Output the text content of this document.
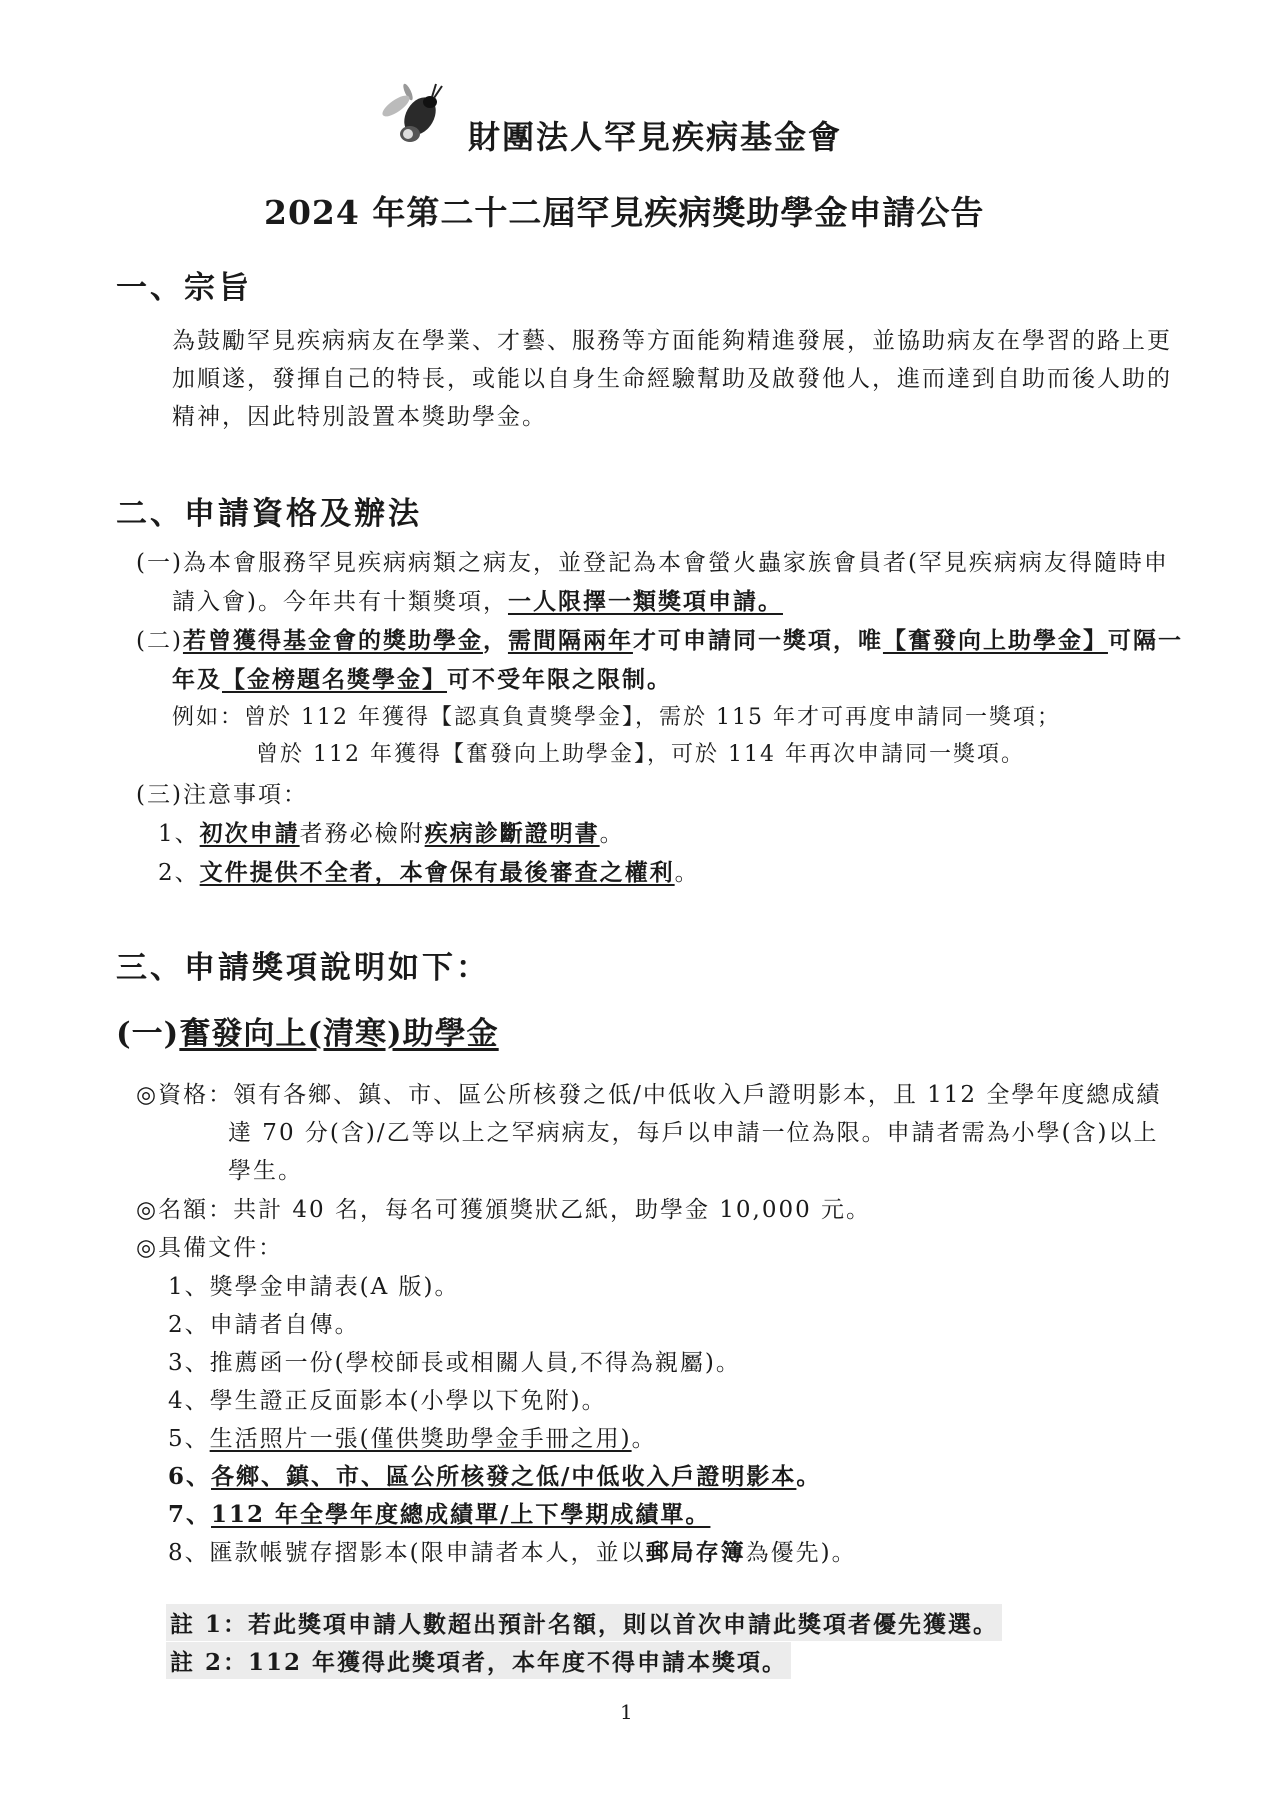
財團法人罕見疾病基金會
2024 年第二十二屆罕見疾病獎助學金申請公告
一、宗旨
為鼓勵罕見疾病病友在學業、才藝、服務等方面能夠精進發展，並協助病友在學習的路上更
加順遂，發揮自己的特長，或能以自身生命經驗幫助及啟發他人，進而達到自助而後人助的
精神，因此特別設置本獎助學金。
二、申請資格及辦法
(一)為本會服務罕見疾病病類之病友，並登記為本會螢火蟲家族會員者(罕見疾病病友得隨時申
請入會)。今年共有十類獎項，一人限擇一類獎項申請。
(二)若曾獲得基金會的獎助學金，需間隔兩年才可申請同一獎項，唯【奮發向上助學金】可隔一
年及【金榜題名獎學金】可不受年限之限制。
例如：曾於 112 年獲得【認真負責獎學金】，需於 115 年才可再度申請同一獎項；
曾於 112 年獲得【奮發向上助學金】，可於 114 年再次申請同一獎項。
(三)注意事項：
1、初次申請者務必檢附疾病診斷證明書。
2、文件提供不全者，本會保有最後審查之權利。
三、申請獎項說明如下：
(一)奮發向上(清寒)助學金
◎資格：領有各鄉、鎮、市、區公所核發之低/中低收入戶證明影本，且 112 全學年度總成績
達 70 分(含)/乙等以上之罕病病友，每戶以申請一位為限。申請者需為小學(含)以上
學生。
◎名額：共計 40 名，每名可獲頒獎狀乙紙，助學金 10,000 元。
◎具備文件：
1、獎學金申請表(A 版)。
2、申請者自傳。
3、推薦函一份(學校師長或相關人員,不得為親屬)。
4、學生證正反面影本(小學以下免附)。
5、生活照片一張(僅供獎助學金手冊之用)。
6、各鄉、鎮、市、區公所核發之低/中低收入戶證明影本。
7、112 年全學年度總成績單/上下學期成績單。
8、匯款帳號存摺影本(限申請者本人，並以郵局存簿為優先)。
註 1：若此獎項申請人數超出預計名額，則以首次申請此獎項者優先獲選。
註 2：112 年獲得此獎項者，本年度不得申請本獎項。
1
